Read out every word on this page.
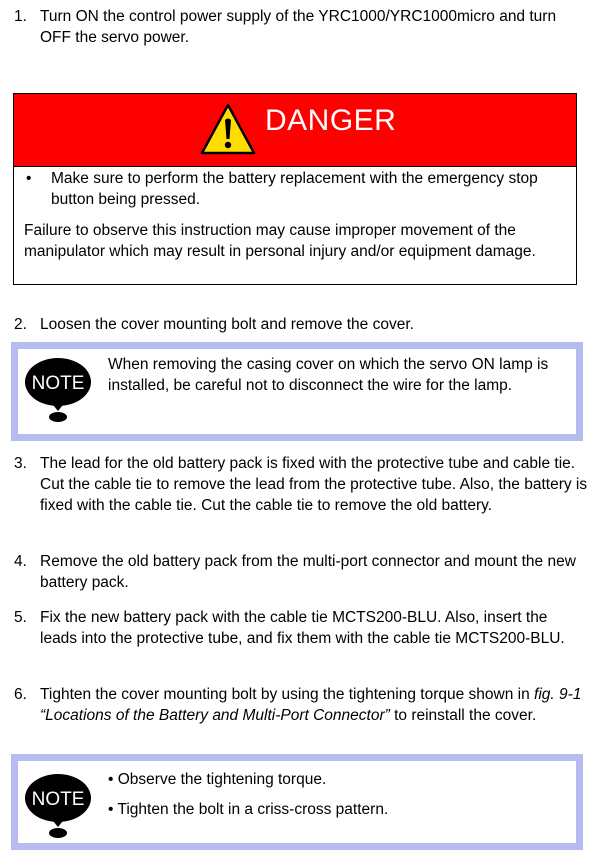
1. Turn ON the control power supply of the YRC1000/YRC1000micro and turn OFF the servo power.
DANGER
• Make sure to perform the battery replacement with the emergency stop button being pressed.
Failure to observe this instruction may cause improper movement of the manipulator which may result in personal injury and/or equipment damage.
2. Loosen the cover mounting bolt and remove the cover.
NOTE
When removing the casing cover on which the servo ON lamp is installed, be careful not to disconnect the wire for the lamp.
3. The lead for the old battery pack is fixed with the protective tube and cable tie. Cut the cable tie to remove the lead from the protective tube. Also, the battery is fixed with the cable tie. Cut the cable tie to remove the old battery.
4. Remove the old battery pack from the multi-port connector and mount the new battery pack.
5. Fix the new battery pack with the cable tie MCTS200-BLU. Also, insert the leads into the protective tube, and fix them with the cable tie MCTS200-BLU.
6. Tighten the cover mounting bolt by using the tightening torque shown in fig. 9-1 “Locations of the Battery and Multi-Port Connector” to reinstall the cover.
NOTE
• Observe the tightening torque.
• Tighten the bolt in a criss-cross pattern.
